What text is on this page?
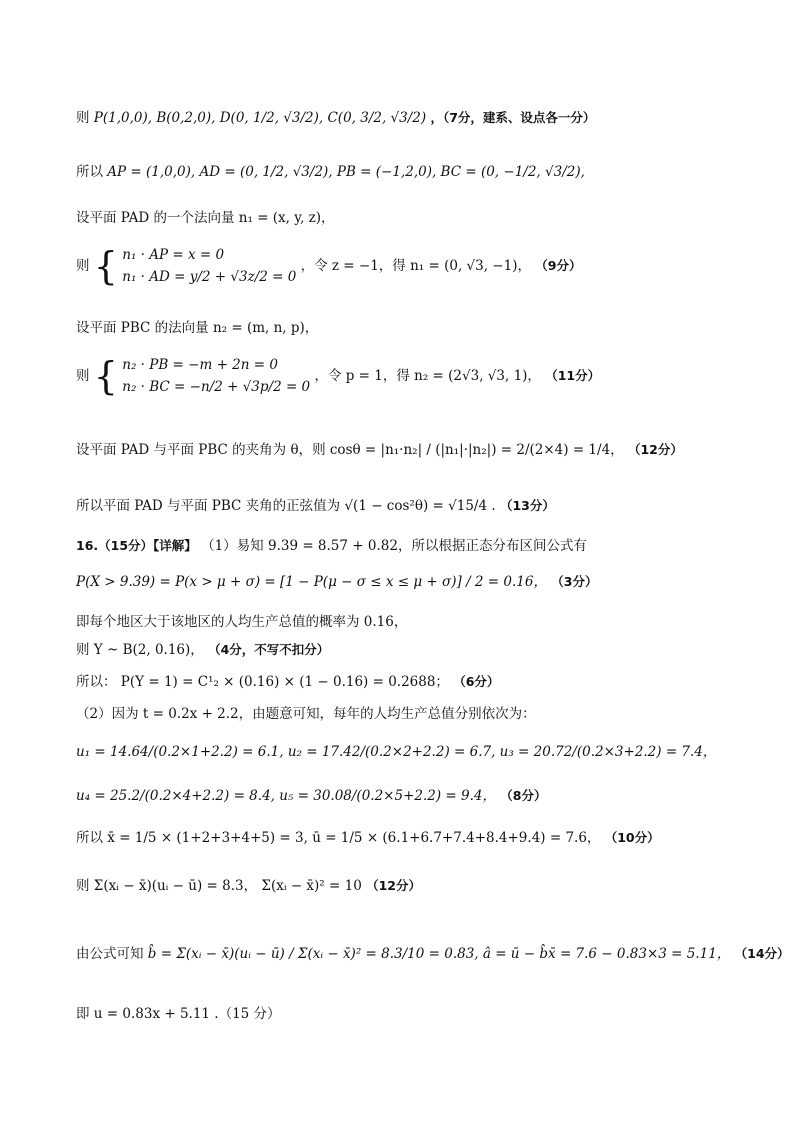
则 P(1,0,0), B(0,2,0), D(0, 1/2, √3/2), C(0, 3/2, √3/2) ，（7分，建系、设点各一分）
所以 AP = (1,0,0), AD = (0, 1/2, √3/2), PB = (−1,2,0), BC = (0, −1/2, √3/2),
设平面 PAD 的一个法向量 n₁ = (x, y, z)，
则 { n₁ · AP = x = 0
n₁ · AD = y/2 + √3z/2 = 0
，令 z = −1，得 n₁ = (0, √3, −1)， （9分）
设平面 PBC 的法向量 n₂ = (m, n, p)，
则 { n₂ · PB = −m + 2n = 0
n₂ · BC = −n/2 + √3p/2 = 0
，令 p = 1，得 n₂ = (2√3, √3, 1)， （11分）
设平面 PAD 与平面 PBC 的夹角为 θ，则 cosθ = |n₁·n₂| / (|n₁|·|n₂|) = 2/(2×4) = 1/4， （12分）
所以平面 PAD 与平面 PBC 夹角的正弦值为 √(1 − cos²θ) = √15/4 . （13分）
16.（15分）【详解】 （1）易知 9.39 = 8.57 + 0.82，所以根据正态分布区间公式有
P(X > 9.39) = P(x > μ + σ) = [1 − P(μ − σ ≤ x ≤ μ + σ)] / 2 = 0.16， （3分）
即每个地区大于该地区的人均生产总值的概率为 0.16，
则 Y ~ B(2, 0.16)， （4分，不写不扣分）
所以： P(Y = 1) = C¹₂ × (0.16) × (1 − 0.16) = 0.2688； （6分）
（2）因为 t = 0.2x + 2.2，由题意可知，每年的人均生产总值分别依次为：
u₁ = 14.64/(0.2×1+2.2) = 6.1, u₂ = 17.42/(0.2×2+2.2) = 6.7, u₃ = 20.72/(0.2×3+2.2) = 7.4，
u₄ = 25.2/(0.2×4+2.2) = 8.4, u₅ = 30.08/(0.2×5+2.2) = 9.4， （8分）
所以 x̄ = 1/5 × (1+2+3+4+5) = 3, ū = 1/5 × (6.1+6.7+7.4+8.4+9.4) = 7.6， （10分）
则 Σ(xᵢ − x̄)(uᵢ − ū) = 8.3， Σ(xᵢ − x̄)² = 10 （12分）
由公式可知 b̂ = Σ(xᵢ − x̄)(uᵢ − ū) / Σ(xᵢ − x̄)² = 8.3/10 = 0.83, â = ū − b̂x̄ = 7.6 − 0.83×3 = 5.11， （14分）
即 u = 0.83x + 5.11 .（15 分）
